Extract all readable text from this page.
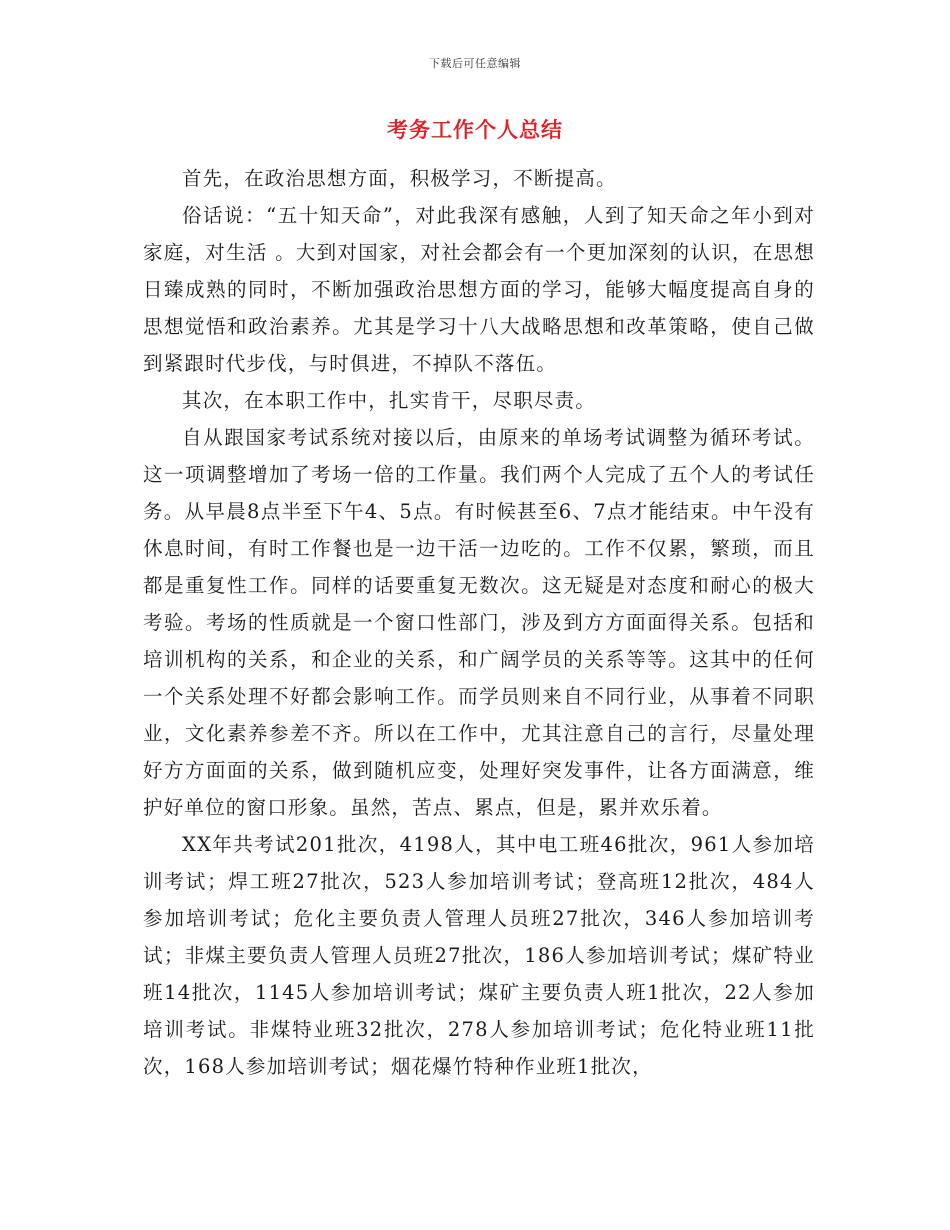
下载后可任意编辑
考务工作个人总结

首先，在政治思想方面，积极学习，不断提高。

俗话说：“五十知天命”，对此我深有感触，人到了知天命之年小到对家庭，对生活 。大到对国家，对社会都会有一个更加深刻的认识，在思想日臻成熟的同时，不断加强政治思想方面的学习，能够大幅度提高自身的思想觉悟和政治素养。尤其是学习十八大战略思想和改革策略，使自己做到紧跟时代步伐，与时俱进，不掉队不落伍。

其次，在本职工作中，扎实肯干，尽职尽责。

自从跟国家考试系统对接以后，由原来的单场考试调整为循环考试。这一项调整增加了考场一倍的工作量。我们两个人完成了五个人的考试任务。从早晨8点半至下午4、5点。有时候甚至6、7点才能结束。中午没有休息时间，有时工作餐也是一边干活一边吃的。工作不仅累，繁琐，而且都是重复性工作。同样的话要重复无数次。这无疑是对态度和耐心的极大考验。考场的性质就是一个窗口性部门，涉及到方方面面得关系。包括和培训机构的关系，和企业的关系，和广阔学员的关系等等。这其中的任何一个关系处理不好都会影响工作。而学员则来自不同行业，从事着不同职业，文化素养参差不齐。所以在工作中，尤其注意自己的言行，尽量处理好方方面面的关系，做到随机应变，处理好突发事件，让各方面满意，维护好单位的窗口形象。虽然，苦点、累点，但是，累并欢乐着。

XX年共考试201批次，4198人，其中电工班46批次，961人参加培训考试；焊工班27批次，523人参加培训考试；登高班12批次，484人参加培训考试；危化主要负责人管理人员班27批次，346人参加培训考试；非煤主要负责人管理人员班27批次，186人参加培训考试；煤矿特业班14批次，1145人参加培训考试；煤矿主要负责人班1批次，22人参加培训考试。非煤特业班32批次，278人参加培训考试；危化特业班11批次，168人参加培训考试；烟花爆竹特种作业班1批次，
